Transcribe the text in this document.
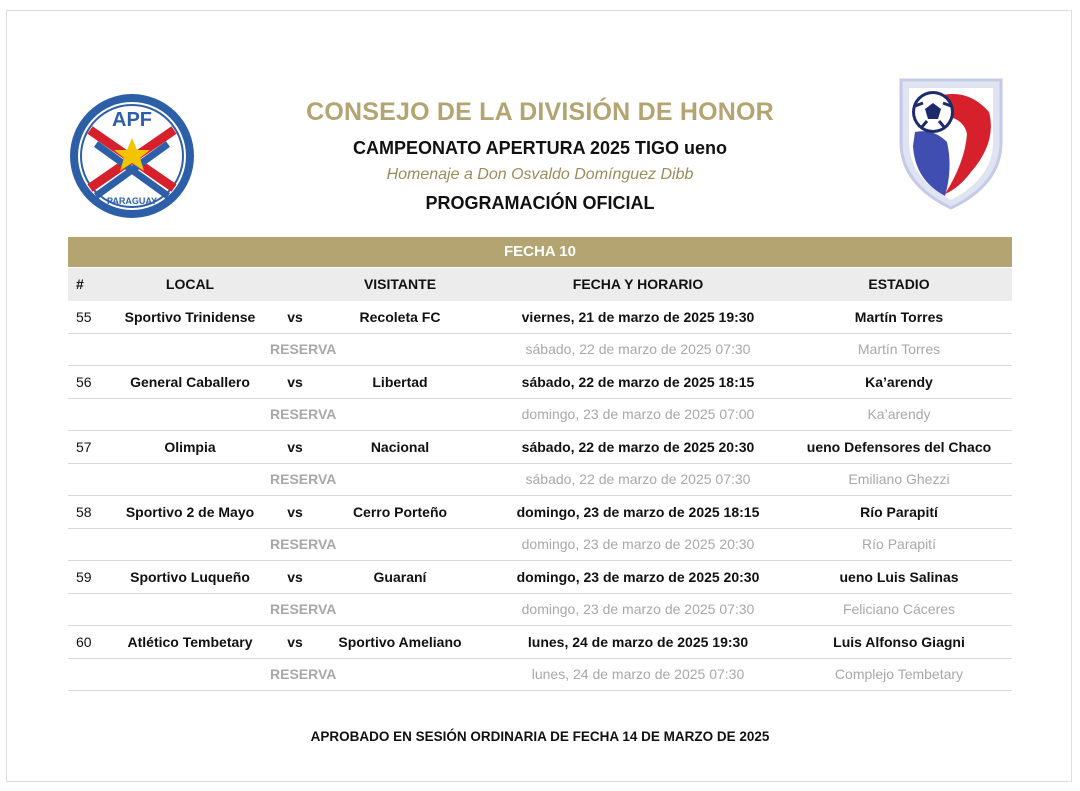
APF
PARAGUAY
CONSEJO DE LA DIVISIÓN DE HONOR
CAMPEONATO APERTURA 2025 TIGO ueno
Homenaje a Don Osvaldo Domínguez Dibb
PROGRAMACIÓN OFICIAL
FECHA 10
#	LOCAL	VISITANTE	FECHA Y HORARIO	ESTADIO
55	Sportivo Trinidense	vs	Recoleta FC	viernes, 21 de marzo de 2025 19:30	Martín Torres
RESERVA	sábado, 22 de marzo de 2025 07:30	Martín Torres
56	General Caballero	vs	Libertad	sábado, 22 de marzo de 2025 18:15	Ka’arendy
RESERVA	domingo, 23 de marzo de 2025 07:00	Ka’arendy
57	Olimpia	vs	Nacional	sábado, 22 de marzo de 2025 20:30	ueno Defensores del Chaco
RESERVA	sábado, 22 de marzo de 2025 07:30	Emiliano Ghezzi
58	Sportivo 2 de Mayo	vs	Cerro Porteño	domingo, 23 de marzo de 2025 18:15	Río Parapití
RESERVA	domingo, 23 de marzo de 2025 20:30	Río Parapití
59	Sportivo Luqueño	vs	Guaraní	domingo, 23 de marzo de 2025 20:30	ueno Luis Salinas
RESERVA	domingo, 23 de marzo de 2025 07:30	Feliciano Cáceres
60	Atlético Tembetary	vs	Sportivo Ameliano	lunes, 24 de marzo de 2025 19:30	Luis Alfonso Giagni
RESERVA	lunes, 24 de marzo de 2025 07:30	Complejo Tembetary
APROBADO EN SESIÓN ORDINARIA DE FECHA 14 DE MARZO DE 2025
